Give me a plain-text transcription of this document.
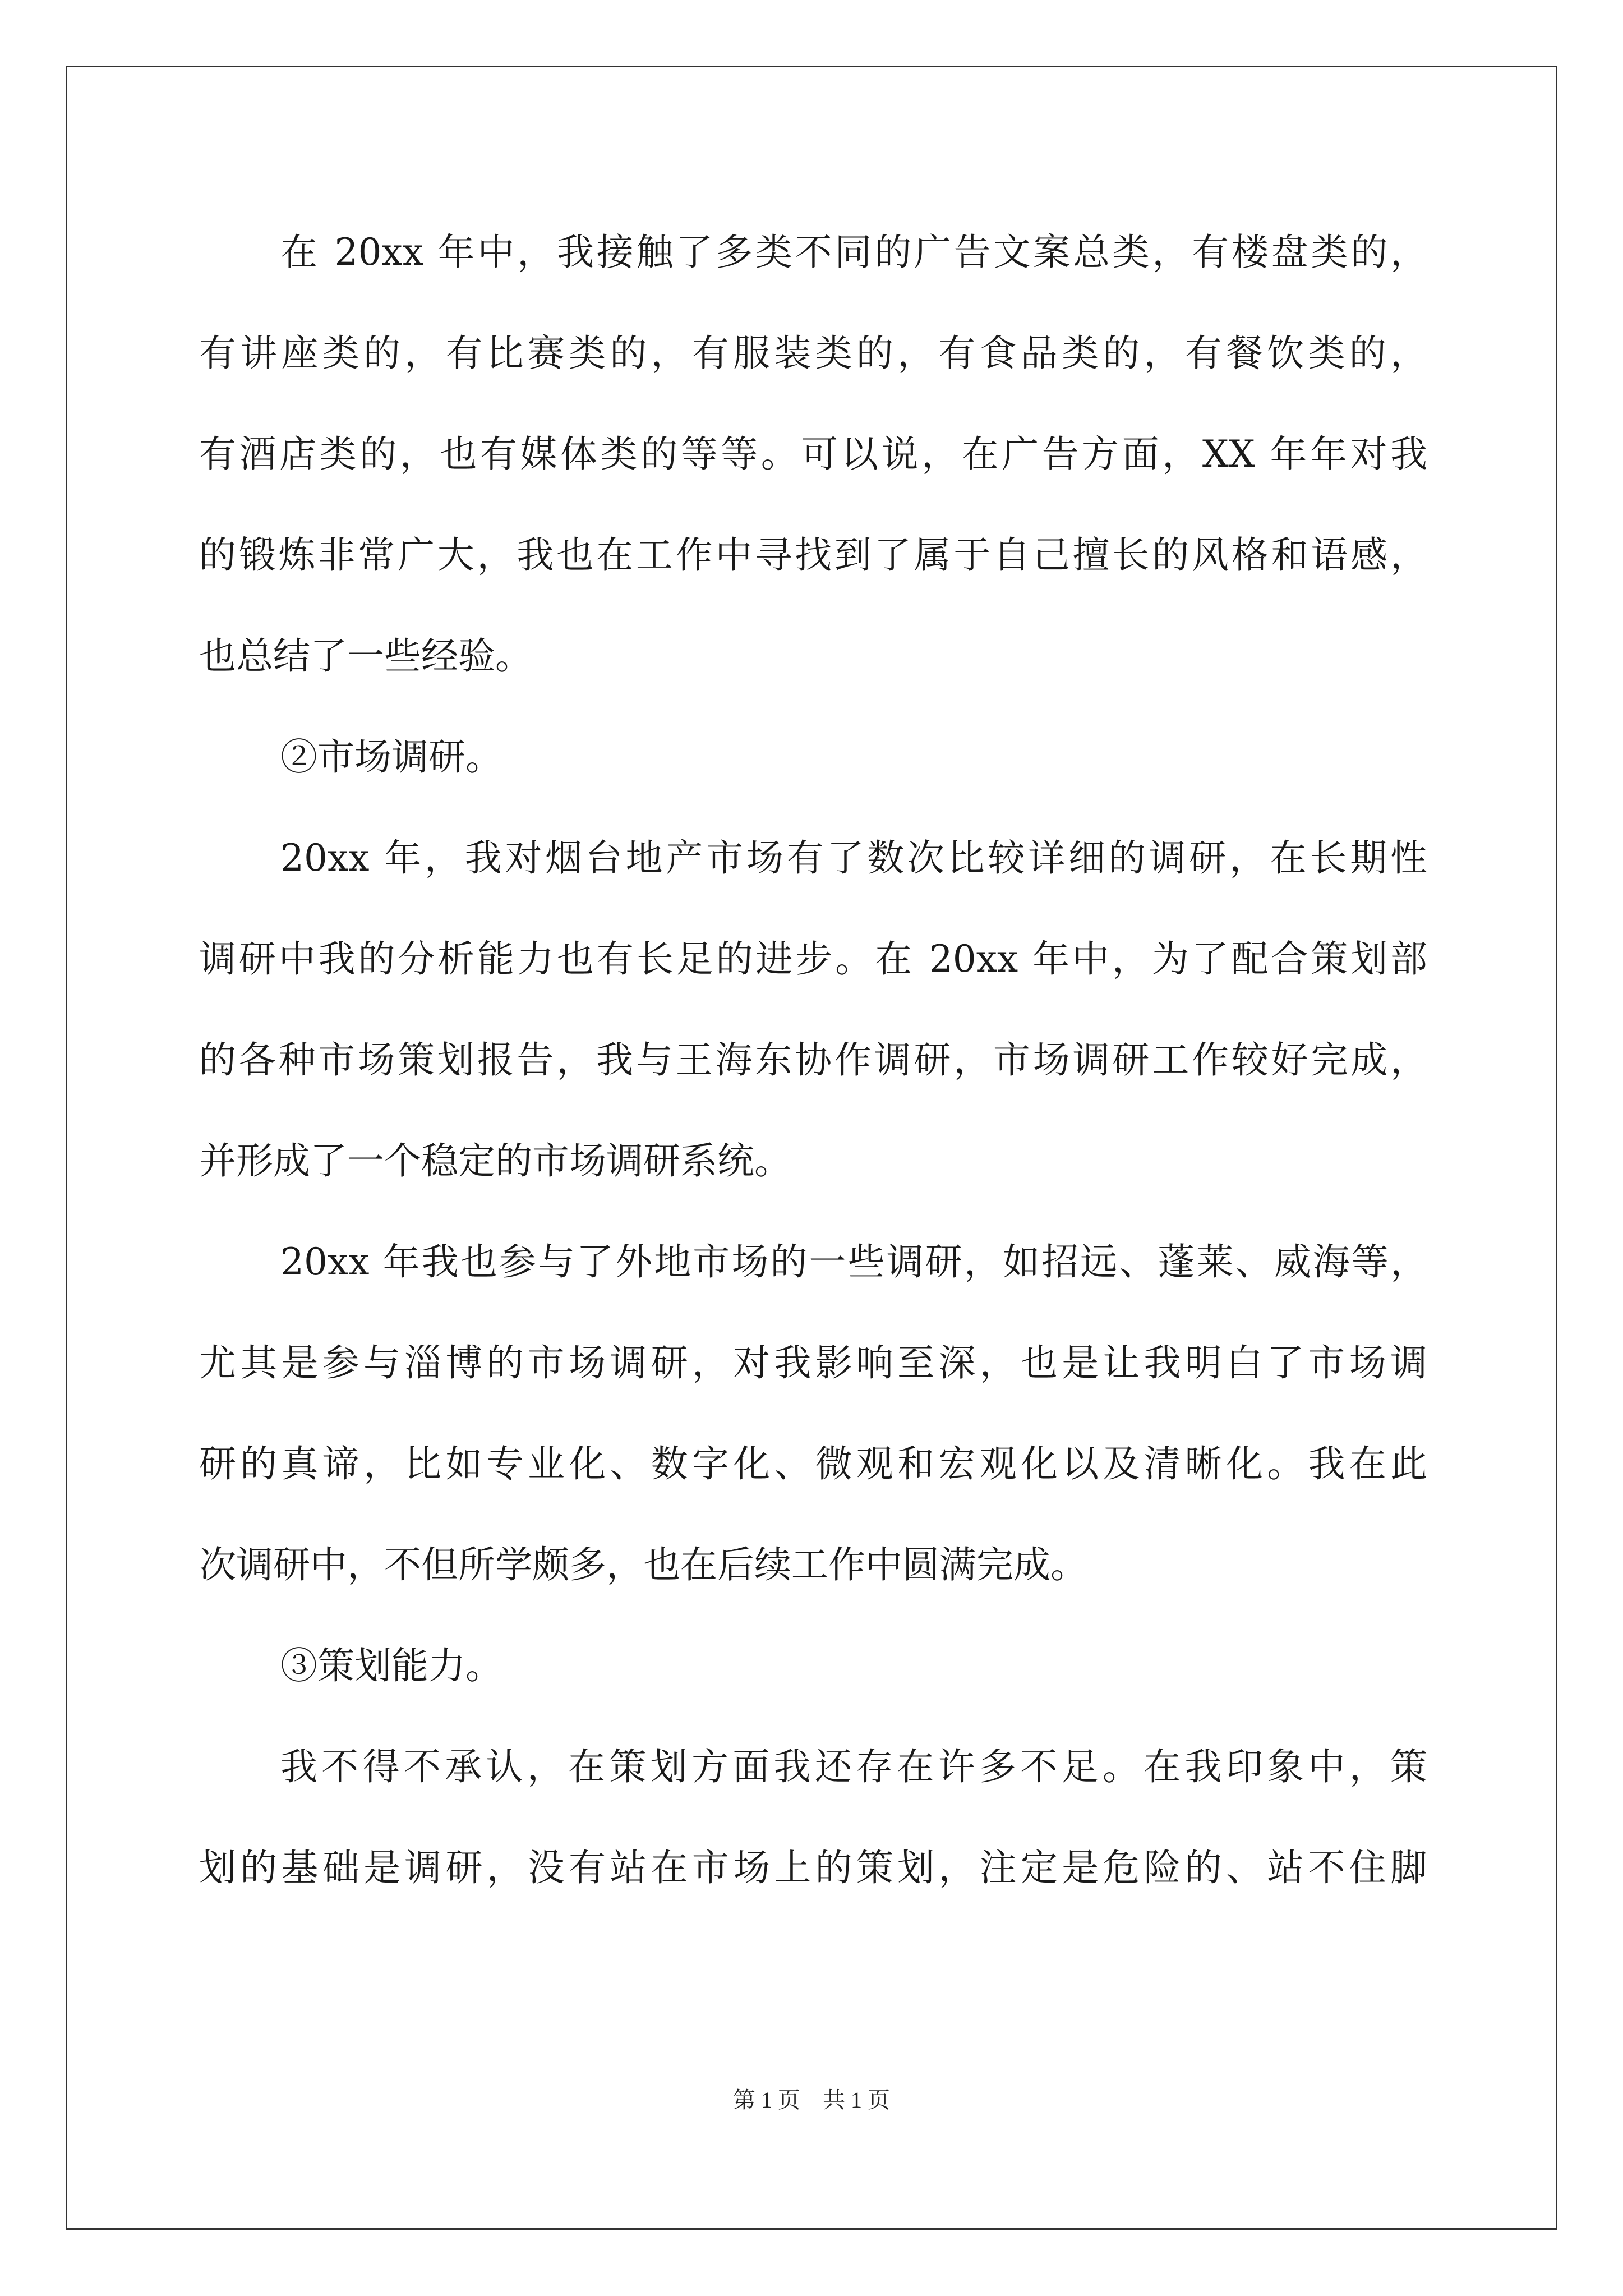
在 20xx 年中，我接触了多类不同的广告文案总类，有楼盘类的，
有讲座类的，有比赛类的，有服装类的，有食品类的，有餐饮类的，
有酒店类的，也有媒体类的等等。可以说，在广告方面，XX 年年对我
的锻炼非常广大，我也在工作中寻找到了属于自己擅长的风格和语感，
也总结了一些经验。
②市场调研。
20xx 年，我对烟台地产市场有了数次比较详细的调研，在长期性
调研中我的分析能力也有长足的进步。在 20xx 年中，为了配合策划部
的各种市场策划报告，我与王海东协作调研，市场调研工作较好完成，
并形成了一个稳定的市场调研系统。
20xx 年我也参与了外地市场的一些调研，如招远、蓬莱、威海等，
尤其是参与淄博的市场调研，对我影响至深，也是让我明白了市场调
研的真谛，比如专业化、数字化、微观和宏观化以及清晰化。我在此
次调研中，不但所学颇多，也在后续工作中圆满完成。
③策划能力。
我不得不承认，在策划方面我还存在许多不足。在我印象中，策
划的基础是调研，没有站在市场上的策划，注定是危险的、站不住脚
第 1 页　共 1 页
